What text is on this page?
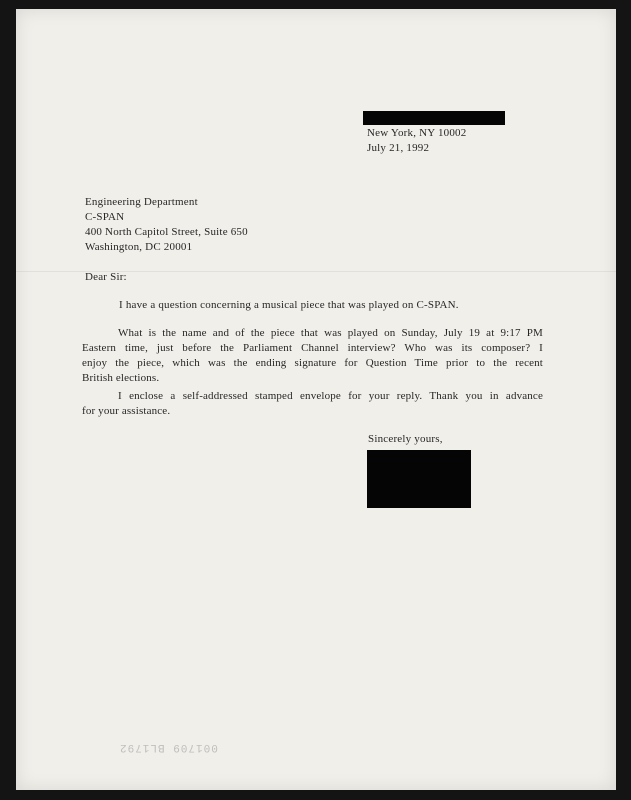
New York, NY 10002
July 21, 1992
Engineering Department
C-SPAN
400 North Capitol Street, Suite 650
Washington, DC 20001
Dear Sir:
I have a question concerning a musical piece that was played on C-SPAN.
What is the name and of the piece that was played on Sunday, July 19 at 9:17 PM
Eastern time, just before the Parliament Channel interview? Who was its composer? I
enjoy the piece, which was the ending signature for Question Time prior to the recent
British elections.
I enclose a self-addressed stamped envelope for your reply. Thank you in advance
for your assistance.
Sincerely yours,
001709 BL1792
